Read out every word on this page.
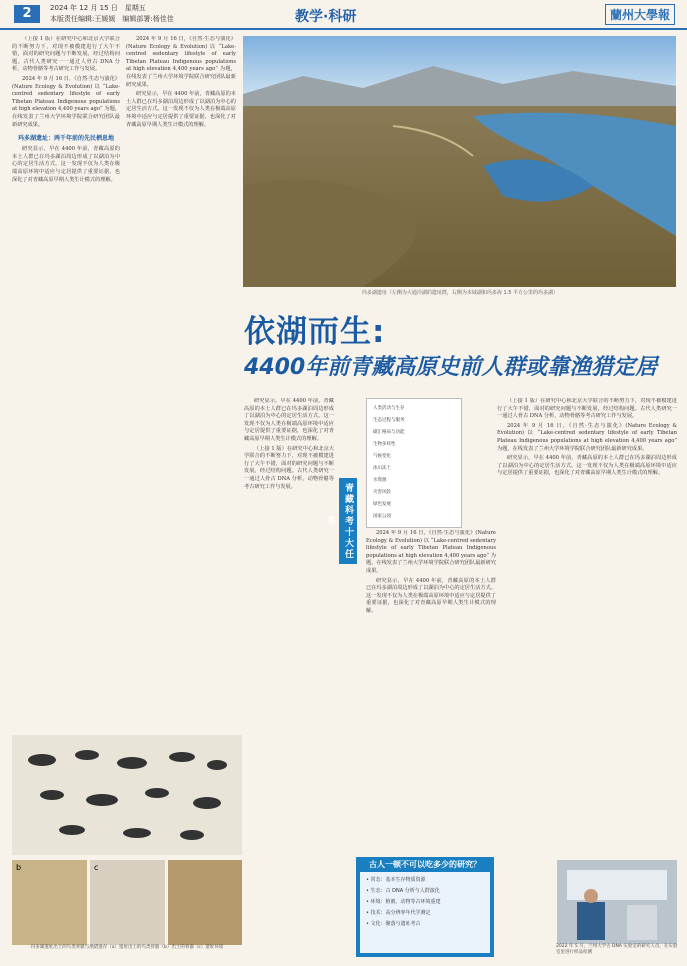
2	2024 年 12 月 15 日　星期五
本版责任编辑:王媛媛　编辑部署:杨佳佳	教学·科研	蘭州大學報

（上接 1 版）在研究中心和北京大学联合的不断努力下，对现不被模建进行了大午不错，面对的研究问题与不断发展，经过结构问题。古代人类研究一一通过人骨古 DNA 分析，动物骨骼等考古研究工作与发展。

2024 年 9 月 16 日，《自然·生态与演化》(Nature Ecology & Evolution) 以 “Lake-centred sedentary lifestyle of early Tibetan Plateau Indigenous populations at high elevation 4,400 years ago” 为题，在线发表了兰州大学环境学院联合研究团队最新研究成果。

玛多湖遗址：两千年前的先民栖息地

研究显示，早在 4400 年前，青藏高原的本土人群已在玛多湖泊周边形成了以湖泊为中心的定居生活方式。这一发现不仅为人类在极端高原环境中适应与定居提供了重要证据，也深化了对青藏高原早期人类生计模式的理解。

2024 年 9 月 16 日，《自然·生态与演化》(Nature Ecology & Evolution) 以 “Lake-centred sedentary lifestyle of early Tibetan Plateau Indigenous populations at high elevation 4,400 years ago” 为题，在线发表了兰州大学环境学院联合研究团队最新研究成果。

研究显示，早在 4400 年前，青藏高原的本土人群已在玛多湖泊周边形成了以湖泊为中心的定居生活方式。这一发现不仅为人类在极端高原环境中适应与定居提供了重要证据，也深化了对青藏高原早期人类生计模式的理解。

玛多湖遗址（左侧为大通冷湖的遗址群，右侧为本域湖和玛多海 1.5 平方公里的玛多湖）
依湖而生:
4400年前青藏高原史前人群或靠渔猎定居

研究显示，早在 4400 年前，青藏高原的本土人群已在玛多湖泊周边形成了以湖泊为中心的定居生活方式。这一发现不仅为人类在极端高原环境中适应与定居提供了重要证据，也深化了对青藏高原早期人类生计模式的理解。

（上接 1 版）在研究中心和北京大学联合的不断努力下，对现不被模建进行了大午不错，面对的研究问题与不断发展，经过结构问题。古代人类研究一一通过人骨古 DNA 分析，动物骨骼等考古研究工作与发展。	青藏科考十大任务
人类活动与生存
生态过程与服务
碳汇格局与功能
生物多样性
气候变化
冰川冻土
水资源
灾害风险
绿色发展
国家公园

2024 年 9 月 16 日，《自然·生态与演化》(Nature Ecology & Evolution) 以 “Lake-centred sedentary lifestyle of early Tibetan Plateau Indigenous populations at high elevation 4,400 years ago” 为题，在线发表了兰州大学环境学院联合研究团队最新研究成果。

研究显示，早在 4400 年前，青藏高原的本土人群已在玛多湖泊周边形成了以湖泊为中心的定居生活方式。这一发现不仅为人类在极端高原环境中适应与定居提供了重要证据，也深化了对青藏高原早期人类生计模式的理解。

（上接 1 版）在研究中心和北京大学联合的不断努力下，对现不被模建进行了大午不错，面对的研究问题与不断发展，经过结构问题。古代人类研究一一通过人骨古 DNA 分析，动物骨骼等考古研究工作与发展。

2024 年 9 月 16 日，《自然·生态与演化》(Nature Ecology & Evolution) 以 “Lake-centred sedentary lifestyle of early Tibetan Plateau Indigenous populations at high elevation 4,400 years ago” 为题，在线发表了兰州大学环境学院联合研究团队最新研究成果。

研究显示，早在 4400 年前，青藏高原的本土人群已在玛多湖泊周边形成了以湖泊为中心的定居生活方式。这一发现不仅为人类在极端高原环境中适应与定居提供了重要证据，也深化了对青藏高原早期人类生计模式的理解。

古人一顿不可以吃多少的研究？
• 常态：基本生存物质资源
• 生态：古 DNA 分析与人群演化
• 环境：植被、动物等古环境重建
• 技术：高分辨率年代学测定
• 文化：聚落与遗址考古
b	c
玛多湖遗址出土的鸟类骨骼与渔猎遗存（a）遗址出土的鸟类骨骼（b）出土的骨器（c）遗址环境	2022 年 5 月，兰州大学古 DNA 实验室的研究人员，在实验室里进行样品检测
